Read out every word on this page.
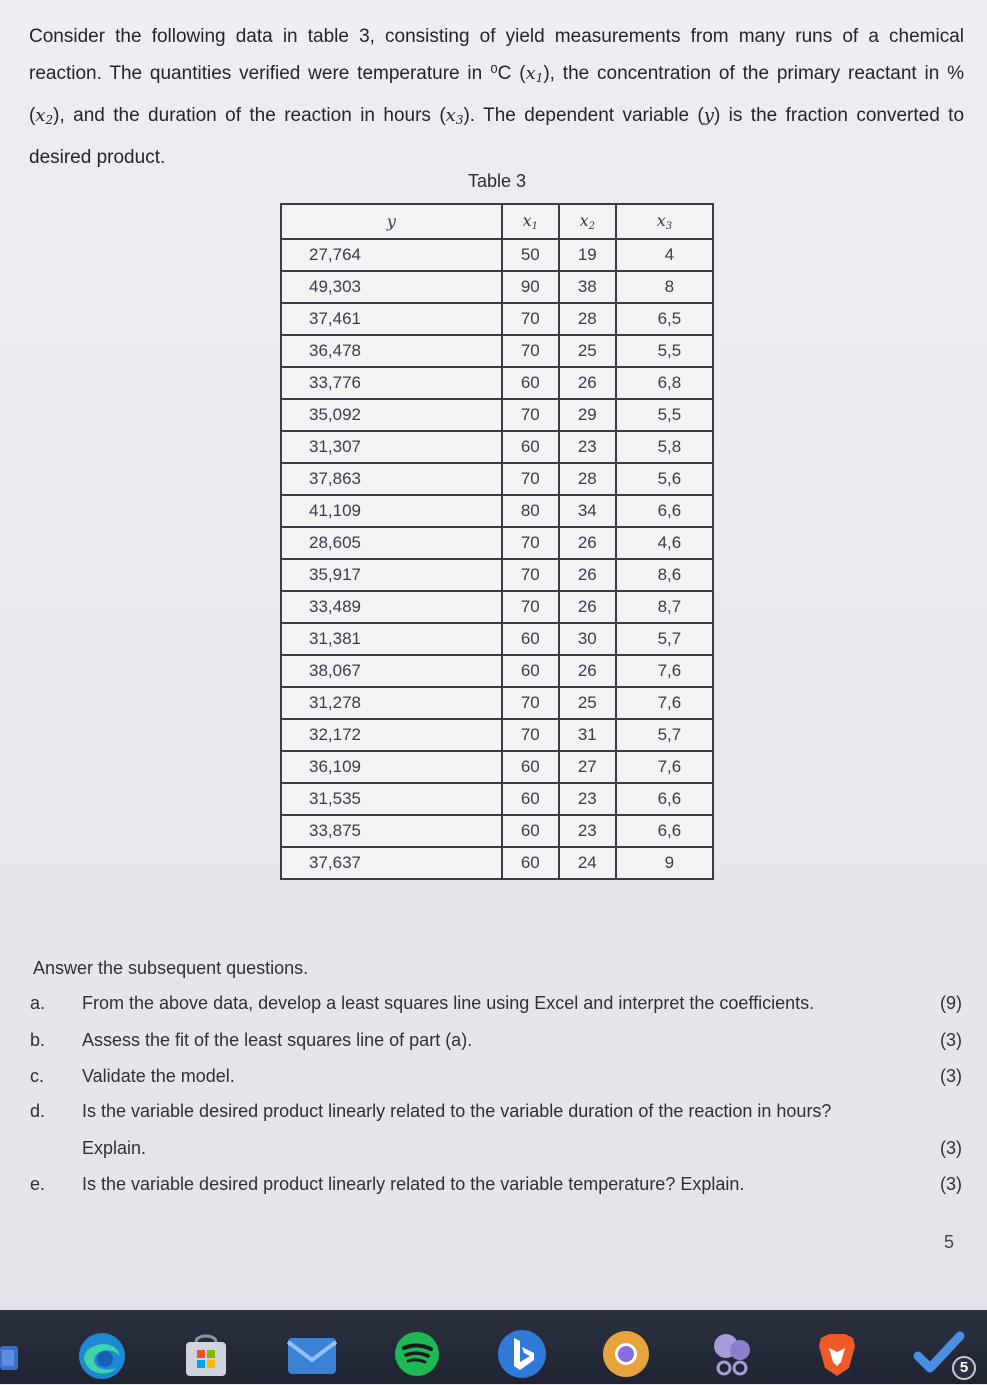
Consider the following data in table 3, consisting of yield measurements from many runs of a chemical reaction. The quantities verified were temperature in ⁰C $(x_1)$, the concentration of the primary reactant in % $(x_2)$, and the duration of the reaction in hours $(x_3)$. The dependent variable (y) is the fraction converted to desired product.
Table 3
y	$x_1$	$x_2$	$x_3$
27,764	50	19	4
49,303	90	38	8
37,461	70	28	6,5
36,478	70	25	5,5
33,776	60	26	6,8
35,092	70	29	5,5
31,307	60	23	5,8
37,863	70	28	5,6
41,109	80	34	6,6
28,605	70	26	4,6
35,917	70	26	8,6
33,489	70	26	8,7
31,381	60	30	5,7
38,067	60	26	7,6
31,278	70	25	7,6
32,172	70	31	5,7
36,109	60	27	7,6
31,535	60	23	6,6
33,875	60	23	6,6
37,637	60	24	9
Answer the subsequent questions.
a. From the above data, develop a least squares line using Excel and interpret the coefficients.	(9)
b. Assess the fit of the least squares line of part (a).	(3)
c. Validate the model.	(3)
d. Is the variable desired product linearly related to the variable duration of the reaction in hours?
Explain.	(3)
e. Is the variable desired product linearly related to the variable temperature? Explain.	(3)
5
5
